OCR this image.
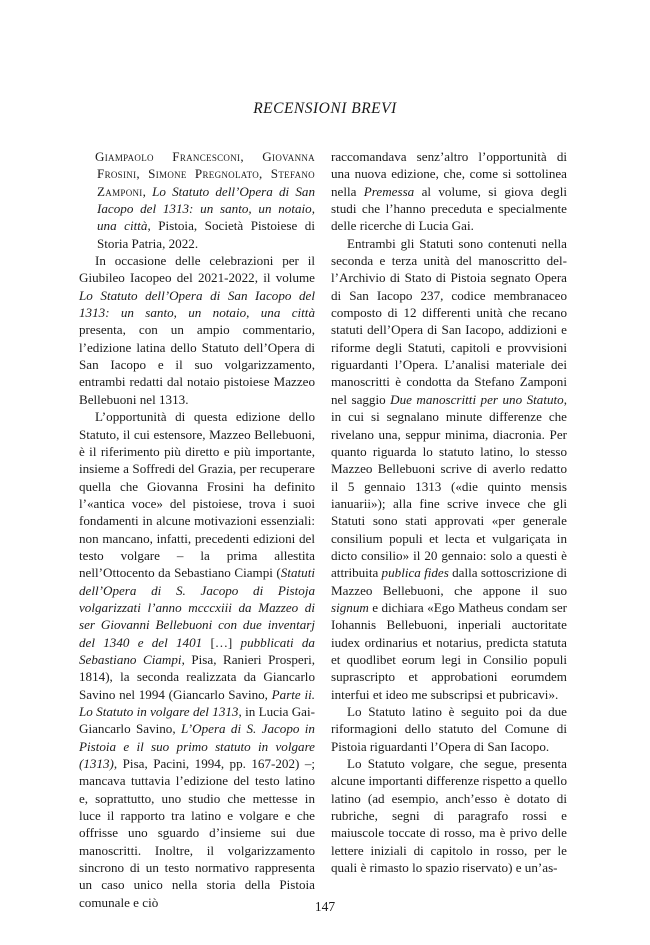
RECENSIONI BREVI

Giampaolo Francesconi, Giovanna Frosini, Simone Pregnolato, Stefano Zamponi, Lo Statuto dell’Opera di San Iacopo del 1313: un santo, un notaio, una città, Pistoia, Società Pistoiese di Storia Patria, 2022.

In occasione delle celebrazioni per il Giubileo Iacopeo del 2021-2022, il volume Lo Statuto dell’Opera di San Iacopo del 1313: un santo, un notaio, una città presenta, con un ampio commentario, l’edizione latina dello Statuto dell’Opera di San Iacopo e il suo volgarizzamento, entrambi redatti dal notaio pistoiese Mazzeo Bellebuoni nel 1313.

L’opportunità di questa edizione dello Statuto, il cui estensore, Mazzeo Bellebuoni, è il riferimento più diretto e più importante, insieme a Soffredi del Grazia, per recuperare quella che Giovanna Frosini ha definito l’«antica voce» del pistoiese, trova i suoi fondamenti in alcune motivazioni essenziali: non mancano, infatti, precedenti edizioni del testo volgare – la prima allestita nell’Ottocento da Sebastiano Ciampi (Statuti dell’Opera di S. Jacopo di Pistoja volgarizzati l’anno mcccxiii da Mazzeo di ser Giovanni Bellebuoni con due inventarj del 1340 e del 1401 […] pubblicati da Sebastiano Ciampi, Pisa, Ranieri Prosperi, 1814), la seconda realizzata da Giancarlo Savino nel 1994 (Giancarlo Savino, Parte ii. Lo Statuto in volgare del 1313, in Lucia Gai-Giancarlo Savino, L’Opera di S. Jacopo in Pistoia e il suo primo statuto in volgare (1313), Pisa, Pacini, 1994, pp. 167-202) –; mancava tuttavia l’edizione del testo latino e, soprattutto, uno studio che mettesse in luce il rapporto tra latino e volgare e che offrisse uno sguardo d’insieme sui due manoscritti. Inoltre, il volgarizzamento sincrono di un testo normativo rappresenta un caso unico nella storia della Pistoia comunale e ciò

raccomandava senz’altro l’opportunità di una nuova edizione, che, come si sottolinea nella Premessa al volume, si giova degli studi che l’hanno preceduta e specialmente delle ricerche di Lucia Gai.

Entrambi gli Statuti sono contenuti nella seconda e terza unità del manoscritto dell’Archivio di Stato di Pistoia segnato Opera di San Iacopo 237, codice membranaceo composto di 12 differenti unità che recano statuti dell’Opera di San Iacopo, addizioni e riforme degli Statuti, capitoli e provvisioni riguardanti l’Opera. L’analisi materiale dei manoscritti è condotta da Stefano Zamponi nel saggio Due manoscritti per uno Statuto, in cui si segnalano minute differenze che rivelano una, seppur minima, diacronia. Per quanto riguarda lo statuto latino, lo stesso Mazzeo Bellebuoni scrive di averlo redatto il 5 gennaio 1313 («die quinto mensis ianuarii»); alla fine scrive invece che gli Statuti sono stati approvati «per generale consilium populi et lecta et vulgariçata in dicto consilio» il 20 gennaio: solo a questi è attribuita publica fides dalla sottoscrizione di Mazzeo Bellebuoni, che appone il suo signum e dichiara «Ego Matheus condam ser Iohannis Bellebuoni, inperiali auctoritate iudex ordinarius et notarius, predicta statuta et quodlibet eorum legi in Consilio populi suprascripto et approbationi eorumdem interfui et ideo me subscripsi et pubricavi».

Lo Statuto latino è seguito poi da due riformagioni dello statuto del Comune di Pistoia riguardanti l’Opera di San Iacopo.

Lo Statuto volgare, che segue, presenta alcune importanti differenze rispetto a quello latino (ad esempio, anch’esso è dotato di rubriche, segni di paragrafo rossi e maiuscole toccate di rosso, ma è privo delle lettere iniziali di capitolo in rosso, per le quali è rimasto lo spazio riservato) e un’as-

147
